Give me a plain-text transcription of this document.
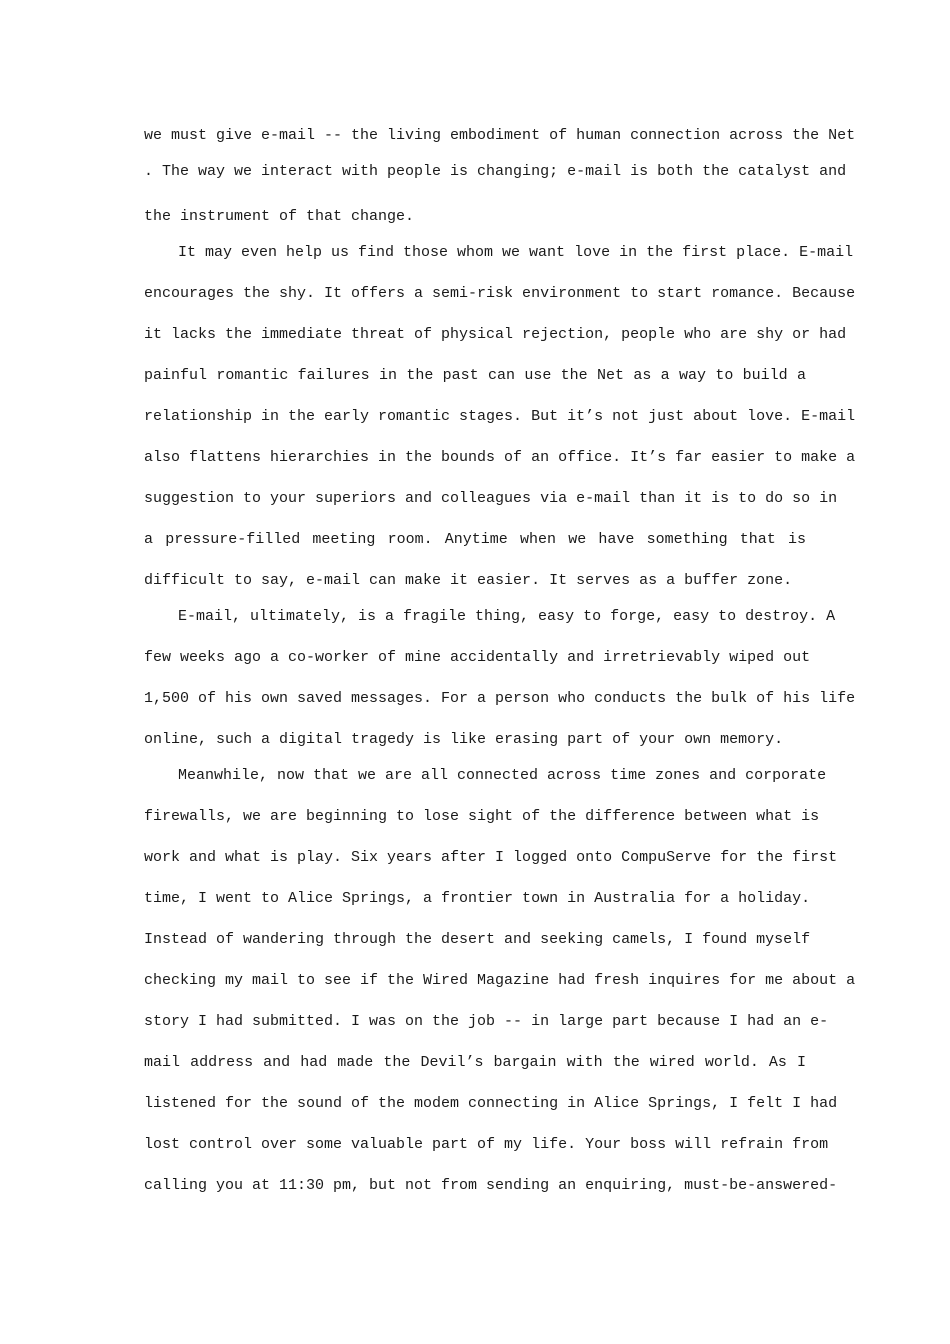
we must give e-mail -- the living embodiment of human connection across the Net
. The way we interact with people is changing; e-mail is both the catalyst and
the instrument of that change.
It may even help us find those whom we want love in the first place. E-mail
encourages the shy. It offers a semi-risk environment to start romance. Because
it lacks the immediate threat of physical rejection, people who are shy or had
painful romantic failures in the past can use the Net as a way to build a
relationship in the early romantic stages. But it’s not just about love. E-mail
also flattens hierarchies in the bounds of an office. It’s far easier to make a
suggestion to your superiors and colleagues via e-mail than it is to do so in
a pressure-filled meeting room. Anytime when we have something that is
difficult to say, e-mail can make it easier. It serves as a buffer zone.
E-mail, ultimately, is a fragile thing, easy to forge, easy to destroy. A
few weeks ago a co-worker of mine accidentally and irretrievably wiped out
1,500 of his own saved messages. For a person who conducts the bulk of his life
online, such a digital tragedy is like erasing part of your own memory.
Meanwhile, now that we are all connected across time zones and corporate
firewalls, we are beginning to lose sight of the difference between what is
work and what is play. Six years after I logged onto CompuServe for the first
time, I went to Alice Springs, a frontier town in Australia for a holiday.
Instead of wandering through the desert and seeking camels, I found myself
checking my mail to see if the Wired Magazine had fresh inquires for me about a
story I had submitted. I was on the job -- in large part because I had an e-
mail address and had made the Devil’s bargain with the wired world. As I
listened for the sound of the modem connecting in Alice Springs, I felt I had
lost control over some valuable part of my life. Your boss will refrain from
calling you at 11:30 pm, but not from sending an enquiring, must-be-answered-
